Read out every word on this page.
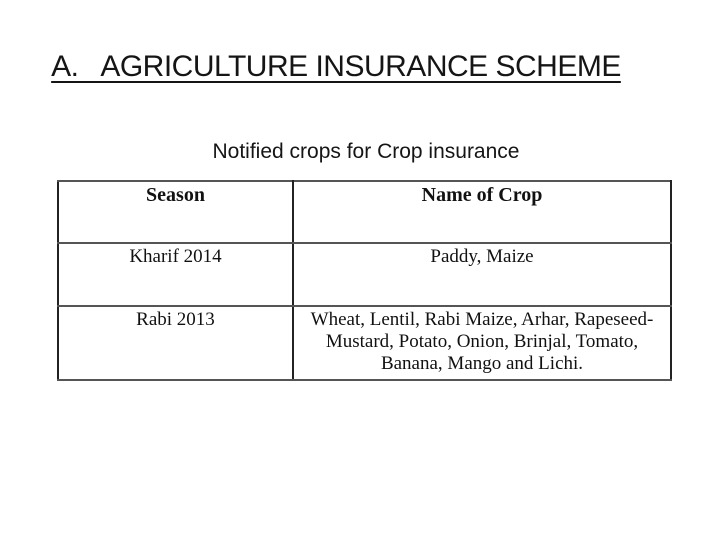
A.   AGRICULTURE INSURANCE SCHEME
Notified crops for Crop insurance
Season	Name of Crop
Kharif 2014	Paddy, Maize
Rabi 2013	Wheat, Lentil, Rabi Maize, Arhar, Rapeseed-
Mustard, Potato, Onion, Brinjal, Tomato,
Banana, Mango and Lichi.
